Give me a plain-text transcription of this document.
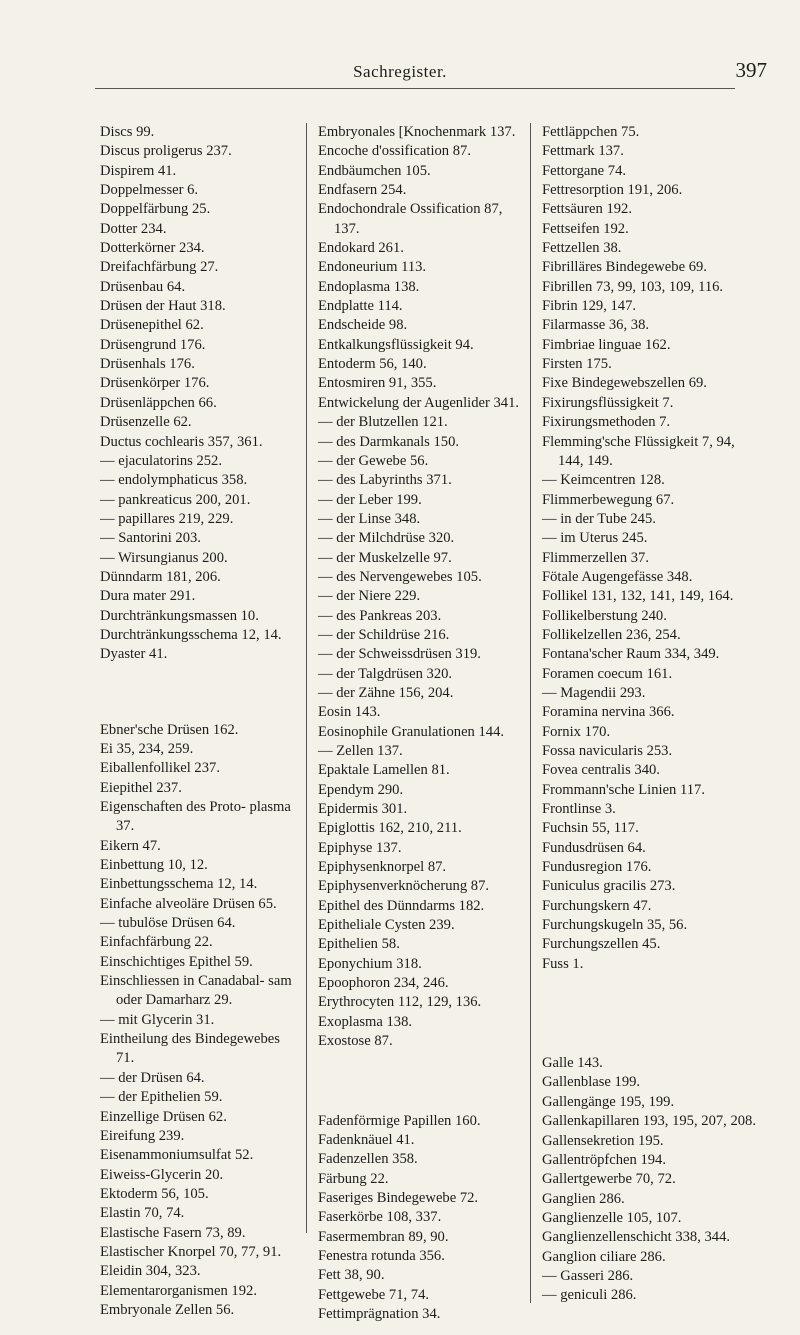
Sachregister.	397

Discs 99.

Discus proligerus 237.

Dispirem 41.

Doppelmesser 6.

Doppelfärbung 25.

Dotter 234.

Dotterkörner 234.

Dreifachfärbung 27.

Drüsenbau 64.

Drüsen der Haut 318.

Drüsenepithel 62.

Drüsengrund 176.

Drüsenhals 176.

Drüsenkörper 176.

Drüsenläppchen 66.

Drüsenzelle 62.

Ductus cochlearis 357, 361.

— ejaculatorins 252.

— endolymphaticus 358.

— pankreaticus 200, 201.

— papillares 219, 229.

— Santorini 203.

— Wirsungianus 200.

Dünndarm 181, 206.

Dura mater 291.

Durchtränkungsmassen 10.

Durchtränkungsschema 12, 14.

Dyaster 41.

Ebner'sche Drüsen 162.

Ei 35, 234, 259.

Eiballenfollikel 237.

Eiepithel 237.

Eigenschaften des Proto- plasma 37.

Eikern 47.

Einbettung 10, 12.

Einbettungsschema 12, 14.

Einfache alveoläre Drüsen 65.

— tubulöse Drüsen 64.

Einfachfärbung 22.

Einschichtiges Epithel 59.

Einschliessen in Canadabal- sam oder Damarharz 29.

— mit Glycerin 31.

Eintheilung des Bindegewebes 71.

— der Drüsen 64.

— der Epithelien 59.

Einzellige Drüsen 62.

Eireifung 239.

Eisenammoniumsulfat 52.

Eiweiss-Glycerin 20.

Ektoderm 56, 105.

Elastin 70, 74.

Elastische Fasern 73, 89.

Elastischer Knorpel 70, 77, 91.

Eleidin 304, 323.

Elementarorganismen 192.

Embryonale Zellen 56.

Embryonales [Knochenmark 137.

Encoche d'ossification 87.

Endbäumchen 105.

Endfasern 254.

Endochondrale Ossification 87, 137.

Endokard 261.

Endoneurium 113.

Endoplasma 138.

Endplatte 114.

Endscheide 98.

Entkalkungsflüssigkeit 94.

Entoderm 56, 140.

Entosmiren 91, 355.

Entwickelung der Augenlider 341.

— der Blutzellen 121.

— des Darmkanals 150.

— der Gewebe 56.

— des Labyrinths 371.

— der Leber 199.

— der Linse 348.

— der Milchdrüse 320.

— der Muskelzelle 97.

— des Nervengewebes 105.

— der Niere 229.

— des Pankreas 203.

— der Schildrüse 216.

— der Schweissdrüsen 319.

— der Talgdrüsen 320.

— der Zähne 156, 204.

Eosin 143.

Eosinophile Granulationen 144.

— Zellen 137.

Epaktale Lamellen 81.

Ependym 290.

Epidermis 301.

Epiglottis 162, 210, 211.

Epiphyse 137.

Epiphysenknorpel 87.

Epiphysenverknöcherung 87.

Epithel des Dünndarms 182.

Epitheliale Cysten 239.

Epithelien 58.

Eponychium 318.

Epoophoron 234, 246.

Erythrocyten 112, 129, 136.

Exoplasma 138.

Exostose 87.

Fadenförmige Papillen 160.

Fadenknäuel 41.

Fadenzellen 358.

Färbung 22.

Faseriges Bindegewebe 72.

Faserkörbe 108, 337.

Fasermembran 89, 90.

Fenestra rotunda 356.

Fett 38, 90.

Fettgewebe 71, 74.

Fettimprägnation 34.

Fettläppchen 75.

Fettmark 137.

Fettorgane 74.

Fettresorption 191, 206.

Fettsäuren 192.

Fettseifen 192.

Fettzellen 38.

Fibrilläres Bindegewebe 69.

Fibrillen 73, 99, 103, 109, 116.

Fibrin 129, 147.

Filarmasse 36, 38.

Fimbriae linguae 162.

Firsten 175.

Fixe Bindegewebszellen 69.

Fixirungsflüssigkeit 7.

Fixirungsmethoden 7.

Flemming'sche Flüssigkeit 7, 94, 144, 149.

— Keimcentren 128.

Flimmerbewegung 67.

— in der Tube 245.

— im Uterus 245.

Flimmerzellen 37.

Fötale Augengefässe 348.

Follikel 131, 132, 141, 149, 164.

Follikelberstung 240.

Follikelzellen 236, 254.

Fontana'scher Raum 334, 349.

Foramen coecum 161.

— Magendii 293.

Foramina nervina 366.

Fornix 170.

Fossa navicularis 253.

Fovea centralis 340.

Frommann'sche Linien 117.

Frontlinse 3.

Fuchsin 55, 117.

Fundusdrüsen 64.

Fundusregion 176.

Funiculus gracilis 273.

Furchungskern 47.

Furchungskugeln 35, 56.

Furchungszellen 45.

Fuss 1.

Galle 143.

Gallenblase 199.

Gallengänge 195, 199.

Gallenkapillaren 193, 195, 207, 208.

Gallensekretion 195.

Gallentröpfchen 194.

Gallertgewerbe 70, 72.

Ganglien 286.

Ganglienzelle 105, 107.

Ganglienzellenschicht 338, 344.

Ganglion ciliare 286.

— Gasseri 286.

— geniculi 286.
